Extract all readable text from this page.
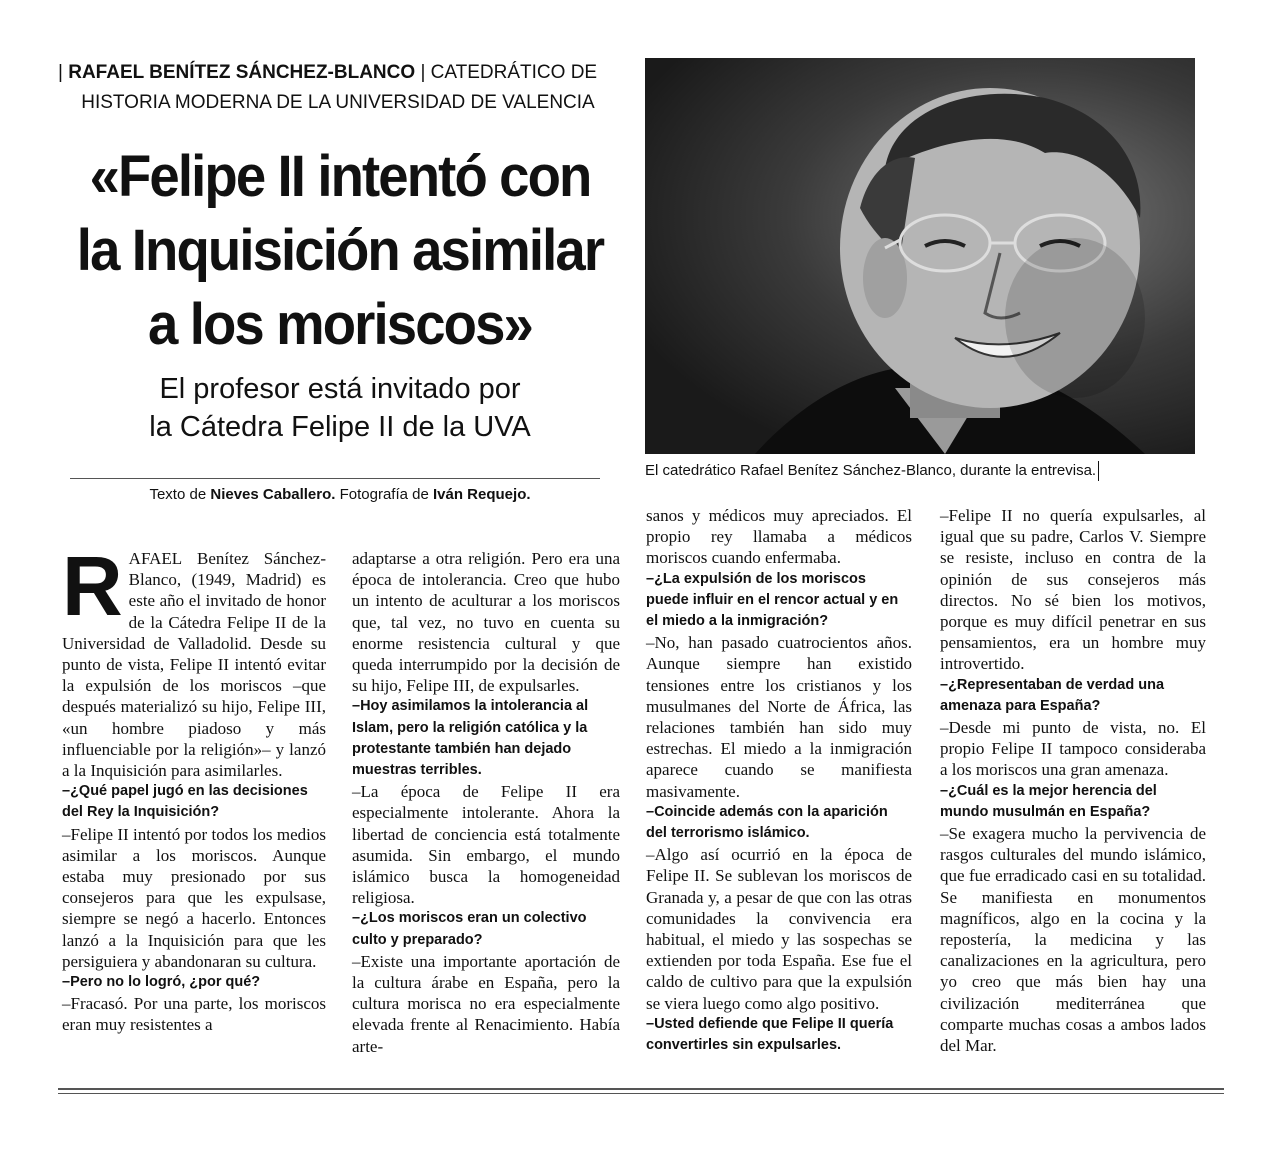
| RAFAEL BENÍTEZ SÁNCHEZ-BLANCO | CATEDRÁTICO DE
HISTORIA MODERNA DE LA UNIVERSIDAD DE VALENCIA
«Felipe II intentó con
la Inquisición asimilar
a los moriscos»
El profesor está invitado por
la Cátedra Felipe II de la UVA
Texto de Nieves Caballero. Fotografía de Iván Requejo.
El catedrático Rafael Benítez Sánchez-Blanco, durante la entrevisa.

RAFAEL Benítez Sánchez-Blanco, (1949, Madrid) es este año el invitado de honor de la Cátedra Felipe II de la Universidad de Valladolid. Desde su punto de vista, Felipe II intentó evitar la expulsión de los moriscos –que después materializó su hijo, Felipe III, «un hombre piadoso y más influenciable por la religión»– y lanzó a la Inquisición para asimilarles.

–¿Qué papel jugó en las decisiones del Rey la Inquisición?

–Felipe II intentó por todos los medios asimilar a los moriscos. Aunque estaba muy presionado por sus consejeros para que les expulsase, siempre se negó a hacerlo. Entonces lanzó a la Inquisición para que les persiguiera y abandonaran su cultura.

–Pero no lo logró, ¿por qué?

–Fracasó. Por una parte, los moriscos eran muy resistentes a

adaptarse a otra religión. Pero era una época de intolerancia. Creo que hubo un intento de aculturar a los moriscos que, tal vez, no tuvo en cuenta su enorme resistencia cultural y que queda interrumpido por la decisión de su hijo, Felipe III, de expulsarles.

–Hoy asimilamos la intolerancia al Islam, pero la religión católica y la protestante también han dejado muestras terribles.

–La época de Felipe II era especialmente intolerante. Ahora la libertad de conciencia está totalmente asumida. Sin embargo, el mundo islámico busca la homogeneidad religiosa.

–¿Los moriscos eran un colectivo culto y preparado?

–Existe una importante aportación de la cultura árabe en España, pero la cultura morisca no era especialmente elevada frente al Renacimiento. Había arte-

sanos y médicos muy apreciados. El propio rey llamaba a médicos moriscos cuando enfermaba.

–¿La expulsión de los moriscos puede influir en el rencor actual y en el miedo a la inmigración?

–No, han pasado cuatrocientos años. Aunque siempre han existido tensiones entre los cristianos y los musulmanes del Norte de África, las relaciones también han sido muy estrechas. El miedo a la inmigración aparece cuando se manifiesta masivamente.

–Coincide además con la aparición del terrorismo islámico.

–Algo así ocurrió en la época de Felipe II. Se sublevan los moriscos de Granada y, a pesar de que con las otras comunidades la convivencia era habitual, el miedo y las sospechas se extienden por toda España. Ese fue el caldo de cultivo para que la expulsión se viera luego como algo positivo.

–Usted defiende que Felipe II quería convertirles sin expulsarles.

–Felipe II no quería expulsarles, al igual que su padre, Carlos V. Siempre se resiste, incluso en contra de la opinión de sus consejeros más directos. No sé bien los motivos, porque es muy difícil penetrar en sus pensamientos, era un hombre muy introvertido.

–¿Representaban de verdad una amenaza para España?

–Desde mi punto de vista, no. El propio Felipe II tampoco consideraba a los moriscos una gran amenaza.

–¿Cuál es la mejor herencia del mundo musulmán en España?

–Se exagera mucho la pervivencia de rasgos culturales del mundo islámico, que fue erradicado casi en su totalidad. Se manifiesta en monumentos magníficos, algo en la cocina y la repostería, la medicina y las canalizaciones en la agricultura, pero yo creo que más bien hay una civilización mediterránea que comparte muchas cosas a ambos lados del Mar.
